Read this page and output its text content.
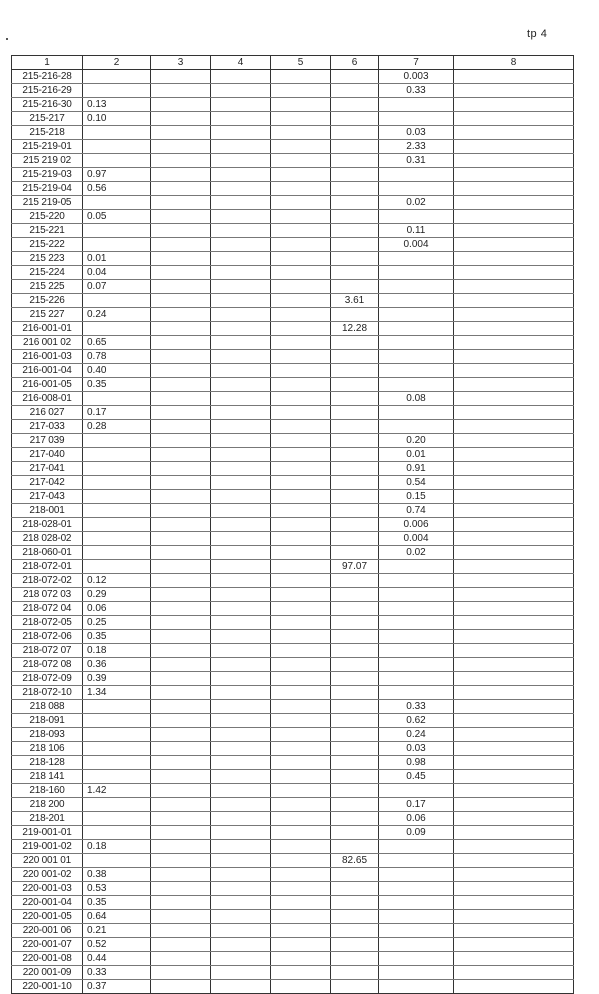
tp 4
1	2	3	4	5	6	7	8
215-216-28						0.003	
215-216-29						0.33	
215-216-30	0.13						
215-217	0.10						
215-218						0.03	
215-219-01						2.33	
215 219 02						0.31	
215-219-03	0.97						
215-219-04	0.56						
215 219-05						0.02	
215-220	0.05						
215-221						0.11	
215-222						0.004	
215 223	0.01						
215-224	0.04						
215 225	0.07						
215-226					3.61		
215 227	0.24						
216-001-01					12.28		
216 001 02	0.65						
216-001-03	0.78						
216-001-04	0.40						
216-001-05	0.35						
216-008-01						0.08	
216 027	0.17						
217-033	0.28						
217 039						0.20	
217-040						0.01	
217-041						0.91	
217-042						0.54	
217-043						0.15	
218-001						0.74	
218-028-01						0.006	
218 028-02						0.004	
218-060-01						0.02	
218-072-01					97.07		
218-072-02	0.12						
218 072 03	0.29						
218-072 04	0.06						
218-072-05	0.25						
218-072-06	0.35						
218-072 07	0.18						
218-072 08	0.36						
218-072-09	0.39						
218-072-10	1.34						
218 088						0.33	
218-091						0.62	
218-093						0.24	
218 106						0.03	
218-128						0.98	
218 141						0.45	
218-160	1.42						
218 200						0.17	
218-201						0.06	
219-001-01						0.09	
219-001-02	0.18						
220 001 01					82.65		
220 001-02	0.38						
220-001-03	0.53						
220-001-04	0.35						
220-001-05	0.64						
220-001 06	0.21						
220-001-07	0.52						
220-001-08	0.44						
220 001-09	0.33						
220-001-10	0.37						
